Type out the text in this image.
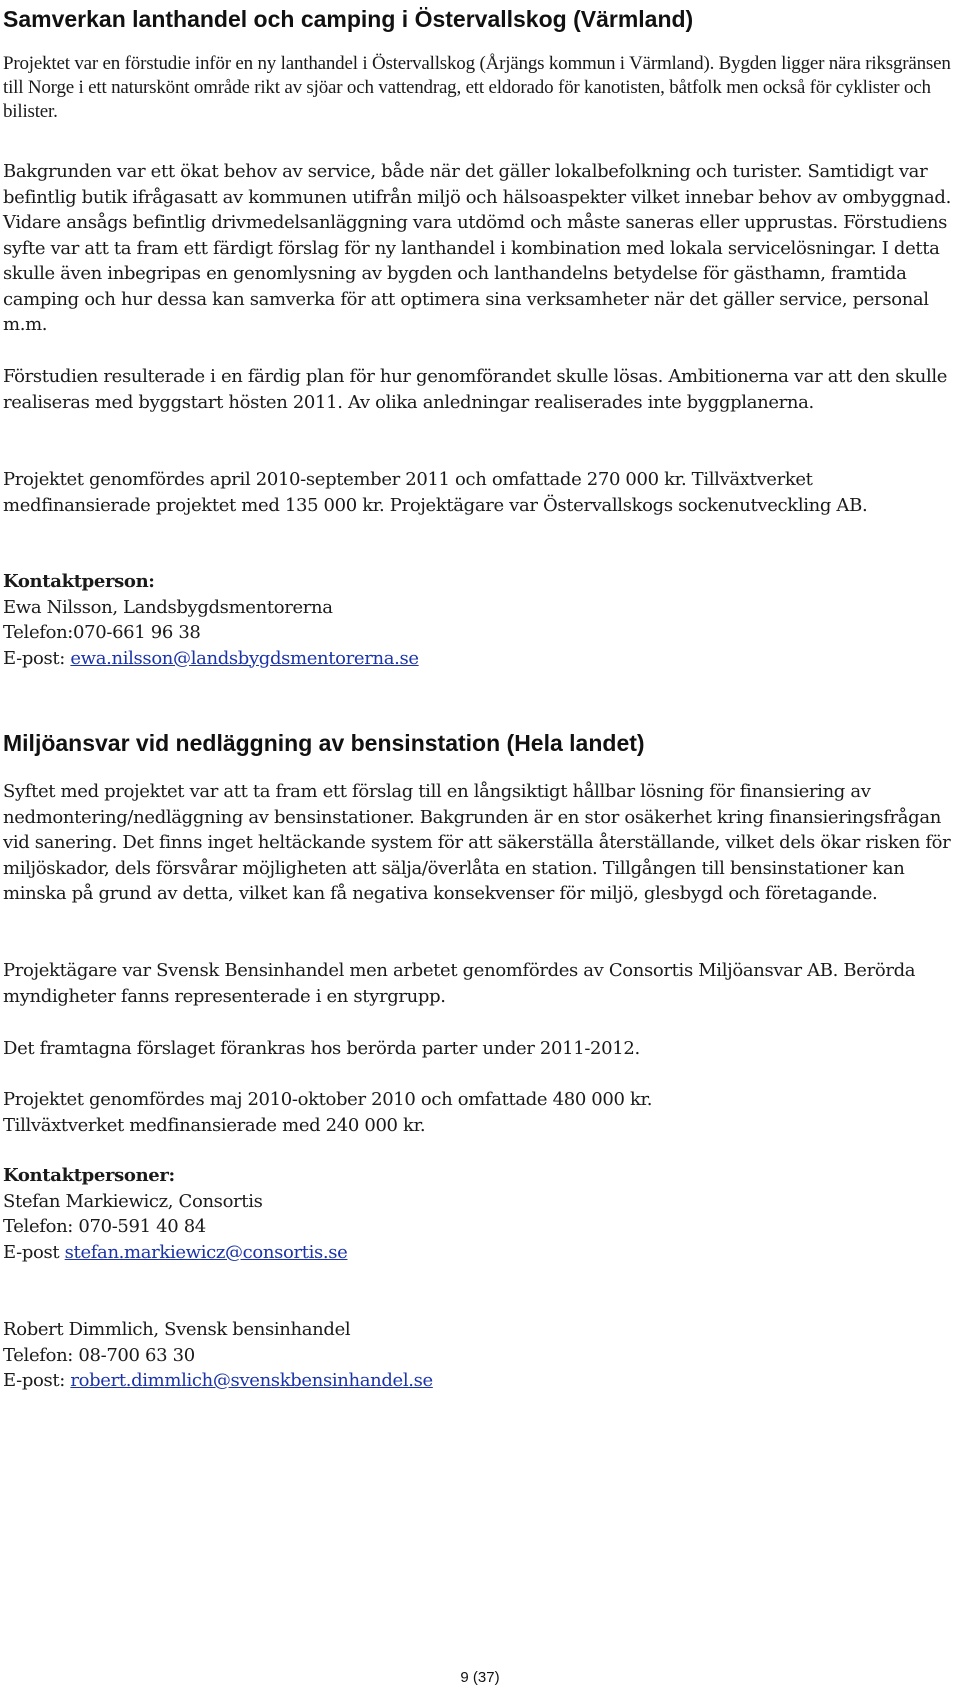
Samverkan lanthandel och camping i Östervallskog (Värmland)

Projektet var en förstudie inför en ny lanthandel i Östervallskog (Årjängs kommun i Värmland). Bygden ligger nära riksgränsen till Norge i ett naturskönt område rikt av sjöar och vattendrag, ett eldorado för kanotisten, båtfolk men också för cyklister och bilister.

Bakgrunden var ett ökat behov av service, både när det gäller lokalbefolkning och turister. Samtidigt var befintlig butik ifrågasatt av kommunen utifrån miljö och hälsoaspekter vilket innebar behov av ombyggnad. Vidare ansågs befintlig drivmedelsanläggning vara utdömd och måste saneras eller upprustas. Förstudiens syfte var att ta fram ett färdigt förslag för ny lanthandel i kombination med lokala servicelösningar. I detta skulle även inbegripas en genomlysning av bygden och lanthandelns betydelse för gästhamn, framtida camping och hur dessa kan samverka för att optimera sina verksamheter när det gäller service, personal m.m.

Förstudien resulterade i en färdig plan för hur genomförandet skulle lösas. Ambitionerna var att den skulle realiseras med byggstart hösten 2011. Av olika anledningar realiserades inte byggplanerna.

Projektet genomfördes april 2010-september 2011 och omfattade 270 000 kr. Tillväxtverket medfinansierade projektet med 135 000 kr. Projektägare var Östervallskogs sockenutveckling AB.

Kontaktperson:

Ewa Nilsson, Landsbygdsmentorerna

Telefon:070-661 96 38

E-post: ewa.nilsson@landsbygdsmentorerna.se

Miljöansvar vid nedläggning av bensinstation (Hela landet)

Syftet med projektet var att ta fram ett förslag till en långsiktigt hållbar lösning för finansiering av nedmontering/nedläggning av bensinstationer. Bakgrunden är en stor osäkerhet kring finansieringsfrågan vid sanering. Det finns inget heltäckande system för att säkerställa återställande, vilket dels ökar risken för miljöskador, dels försvårar möjligheten att sälja/överlåta en station. Tillgången till bensinstationer kan minska på grund av detta, vilket kan få negativa konsekvenser för miljö, glesbygd och företagande.

Projektägare var Svensk Bensinhandel men arbetet genomfördes av Consortis Miljöansvar AB. Berörda myndigheter fanns representerade i en styrgrupp.

Det framtagna förslaget förankras hos berörda parter under 2011-2012.

Projektet genomfördes maj 2010-oktober 2010 och omfattade 480 000 kr.

Tillväxtverket medfinansierade med 240 000 kr.

Kontaktpersoner:

Stefan Markiewicz, Consortis

Telefon: 070-591 40 84

E-post stefan.markiewicz@consortis.se

Robert Dimmlich, Svensk bensinhandel

Telefon: 08-700 63 30

E-post: robert.dimmlich@svenskbensinhandel.se

9 (37)
